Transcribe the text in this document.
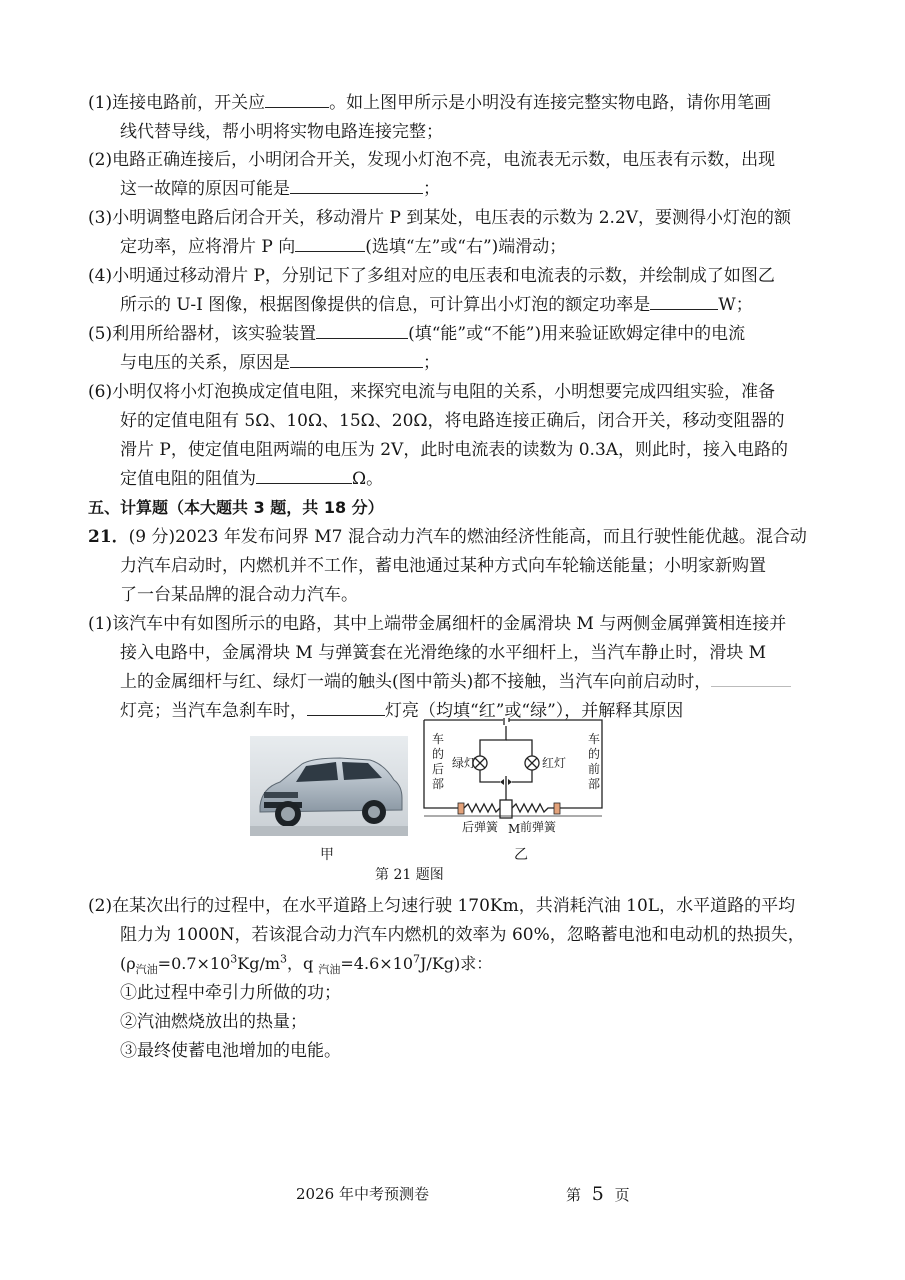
(1)连接电路前，开关应	。如上图甲所示是小明没有连接完整实物电路，请你用笔画
线代替导线，帮小明将实物电路连接完整；
(2)电路正确连接后，小明闭合开关，发现小灯泡不亮，电流表无示数，电压表有示数，出现
这一故障的原因可能是	；
(3)小明调整电路后闭合开关，移动滑片 P 到某处，电压表的示数为 2.2V，要测得小灯泡的额
定功率，应将滑片 P 向	(选填“左”或“右”)端滑动；
(4)小明通过移动滑片 P，分别记下了多组对应的电压表和电流表的示数，并绘制成了如图乙
所示的 U-I 图像，根据图像提供的信息，可计算出小灯泡的额定功率是	W；
(5)利用所给器材，该实验装置	(填“能”或“不能”)用来验证欧姆定律中的电流
与电压的关系，原因是	；
(6)小明仅将小灯泡换成定值电阻，来探究电流与电阻的关系，小明想要完成四组实验，准备
好的定值电阻有 5Ω、10Ω、15Ω、20Ω，将电路连接正确后，闭合开关，移动变阻器的
滑片 P，使定值电阻两端的电压为 2V，此时电流表的读数为 0.3A，则此时，接入电路的
定值电阻的阻值为	Ω。
五、计算题（本大题共 3 题，共 18 分）
21．(9 分)2023 年发布问界 M7 混合动力汽车的燃油经济性能高，而且行驶性能优越。混合动
力汽车启动时，内燃机并不工作，蓄电池通过某种方式向车轮输送能量；小明家新购置
了一台某品牌的混合动力汽车。
(1)该汽车中有如图所示的电路，其中上端带金属细杆的金属滑块 M 与两侧金属弹簧相连接并
接入电路中，金属滑块 M 与弹簧套在光滑绝缘的水平细杆上，当汽车静止时，滑块 M
上的金属细杆与红、绿灯一端的触头(图中箭头)都不接触，当汽车向前启动时，
灯亮；当汽车急刹车时，	灯亮（均填“红”或“绿”），并解释其原因
车
的
后
部
车
的
前
部
绿灯	红灯
后弹簧 M 前弹簧
甲	乙
第 21 题图
(2)在某次出行的过程中，在水平道路上匀速行驶 170Km，共消耗汽油 10L，水平道路的平均
阻力为 1000N，若该混合动力汽车内燃机的效率为 60%，忽略蓄电池和电动机的热损失，
($\rho_{汽油}=0.7\times 10^3Kg/m^3$，q $_{汽油}=4.6\times 10^7J/Kg$)求：
①此过程中牵引力所做的功；
②汽油燃烧放出的热量；
③最终使蓄电池增加的电能。
2026 年中考预测卷	第 5 页
